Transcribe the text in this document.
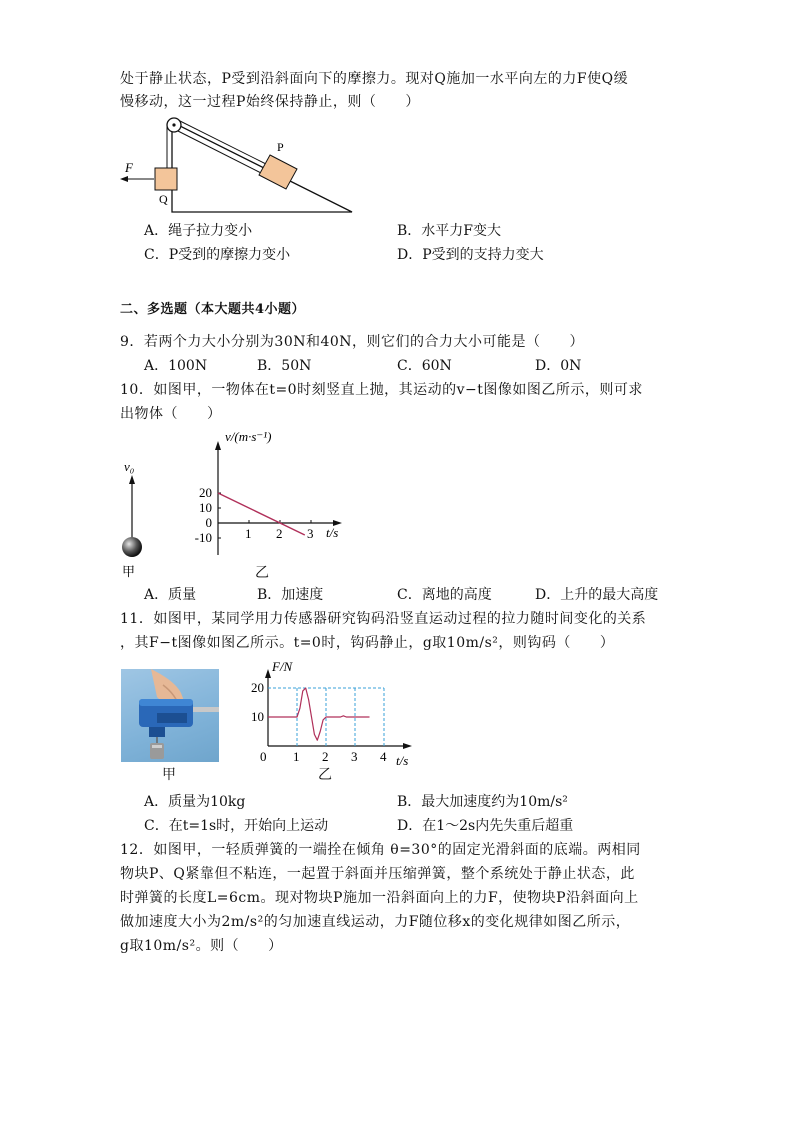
处于静止状态，P受到沿斜面向下的摩擦力。现对Q施加一水平向左的力F使Q缓
慢移动，这一过程P始终保持静止，则（　　）
P
Q
F
A．绳子拉力变小	B．水平力F变大
C．P受到的摩擦力变小	D．P受到的支持力变大
二、多选题（本大题共4小题）
9．若两个力大小分别为30N和40N，则它们的合力大小可能是（　　）
A．100N	B．50N	C．60N	D．0N
10．如图甲，一物体在t=0时刻竖直上抛，其运动的v−t图像如图乙所示，则可求
出物体（　　）
v₀
甲
v/(m·s⁻¹)
t/s
1 2 3
20
10
0
-10
乙
A．质量	B．加速度	C．离地的高度	D．上升的最大高度
11．如图甲，某同学用力传感器研究钩码沿竖直运动过程的拉力随时间变化的关系
，其F−t图像如图乙所示。t=0时，钩码静止，g取10m/s²，则钩码（　　）
甲
F/N
t/s
0 1 2 3 4
20
10
乙
A．质量为10kg	B．最大加速度约为10m/s²
C．在t=1s时，开始向上运动	D．在1～2s内先失重后超重
12．如图甲，一轻质弹簧的一端拴在倾角 θ=30°的固定光滑斜面的底端。两相同
物块P、Q紧靠但不粘连，一起置于斜面并压缩弹簧，整个系统处于静止状态，此
时弹簧的长度L=6cm。现对物块P施加一沿斜面向上的力F，使物块P沿斜面向上
做加速度大小为2m/s²的匀加速直线运动，力F随位移x的变化规律如图乙所示，
g取10m/s²。则（　　）
